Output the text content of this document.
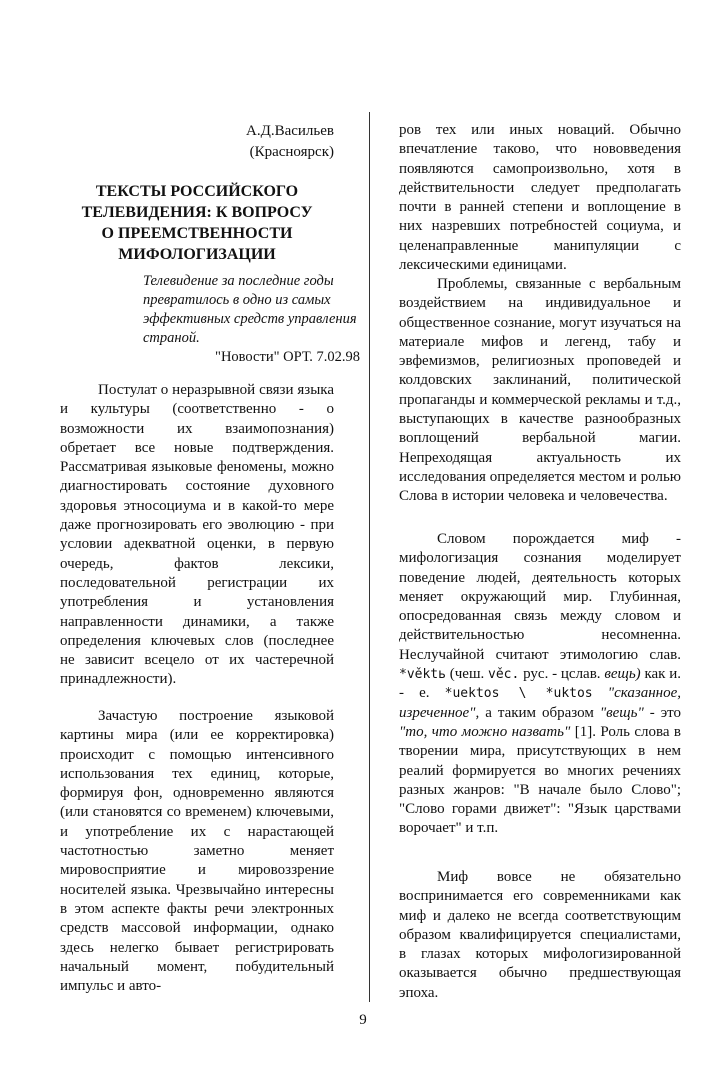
А.Д.Васильев
(Красноярск)
ТЕКСТЫ РОССИЙСКОГО
ТЕЛЕВИДЕНИЯ: К ВОПРОСУ
О ПРЕЕМСТВЕННОСТИ
МИФОЛОГИЗАЦИИ
Телевидение за последние годы превратилось в одно из самых эффективных средств управления страной.
"Новости" ОРТ. 7.02.98

Постулат о неразрывной связи языка и культуры (соответственно - о возможности их взаимопознания) обретает все новые подтверждения. Рассматривая языковые феномены, можно диагностировать состояние духовного здоровья этносоциума и в какой-то мере даже прогнозировать его эволюцию - при условии адекватной оценки, в первую очередь, фактов лексики, последовательной регистрации их употребления и установления направленности динамики, а также определения ключевых слов (последнее не зависит всецело от их частеречной принадлежности).

Зачастую построение языковой картины мира (или ее корректировка) происходит с помощью интенсивного использования тех единиц, которые, формируя фон, одновременно являются (или становятся со временем) ключевыми, и употребление их с нарастающей частотностью заметно меняет мировосприятие и мировоззрение носителей языка. Чрезвычайно интересны в этом аспекте факты речи электронных средств массовой информации, однако здесь нелегко бывает регистрировать начальный момент, побудительный импульс и авто-

ров тех или иных новаций. Обычно впечатление таково, что нововведения появляются самопроизвольно, хотя в действительности следует предполагать почти в ранней степени и воплощение в них назревших потребностей социума, и целенаправленные манипуляции с лексическими единицами.

Проблемы, связанные с вербальным воздействием на индивидуальное и общественное сознание, могут изучаться на материале мифов и легенд, табу и эвфемизмов, религиозных проповедей и колдовских заклинаний, политической пропаганды и коммерческой рекламы и т.д., выступающих в качестве разнообразных воплощений вербальной магии. Непреходящая актуальность их исследования определяется местом и ролью Слова в истории человека и человечества.

Словом порождается миф - мифологизация сознания моделирует поведение людей, деятельность которых меняет окружающий мир. Глубинная, опосредованная связь между словом и действительностью несомненна. Неслучайной считают этимологию слав. *věktь (чеш. věc. рус. - цслав. вещь) как и. - е. *uektos \ *uktos "сказанное, изреченное", а таким образом "вещь" - это "то, что можно назвать" [1]. Роль слова в творении мира, присутствующих в нем реалий формируется во многих речениях разных жанров: "В начале было Слово"; "Слово горами движет": "Язык царствами ворочает" и т.п.

Миф вовсе не обязательно воспринимается его современниками как миф и далеко не всегда соответствующим образом квалифицируется специалистами, в глазах которых мифологизированной оказывается обычно предшествующая эпоха.

9
